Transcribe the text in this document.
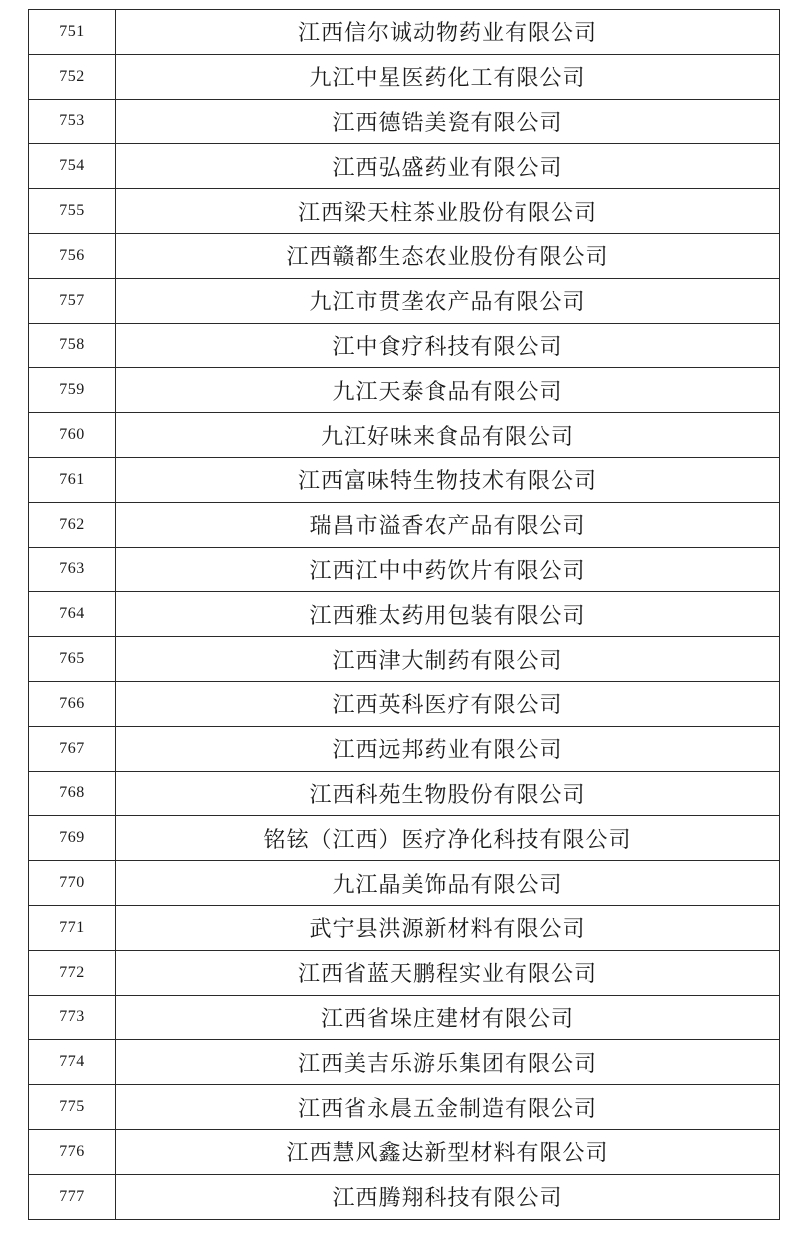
751	江西信尔诚动物药业有限公司
752	九江中星医药化工有限公司
753	江西德锆美瓷有限公司
754	江西弘盛药业有限公司
755	江西梁天柱茶业股份有限公司
756	江西赣都生态农业股份有限公司
757	九江市贯垄农产品有限公司
758	江中食疗科技有限公司
759	九江天泰食品有限公司
760	九江好味来食品有限公司
761	江西富味特生物技术有限公司
762	瑞昌市溢香农产品有限公司
763	江西江中中药饮片有限公司
764	江西雅太药用包装有限公司
765	江西津大制药有限公司
766	江西英科医疗有限公司
767	江西远邦药业有限公司
768	江西科苑生物股份有限公司
769	铭铉（江西）医疗净化科技有限公司
770	九江晶美饰品有限公司
771	武宁县洪源新材料有限公司
772	江西省蓝天鹏程实业有限公司
773	江西省垛庄建材有限公司
774	江西美吉乐游乐集团有限公司
775	江西省永晨五金制造有限公司
776	江西慧风鑫达新型材料有限公司
777	江西腾翔科技有限公司
